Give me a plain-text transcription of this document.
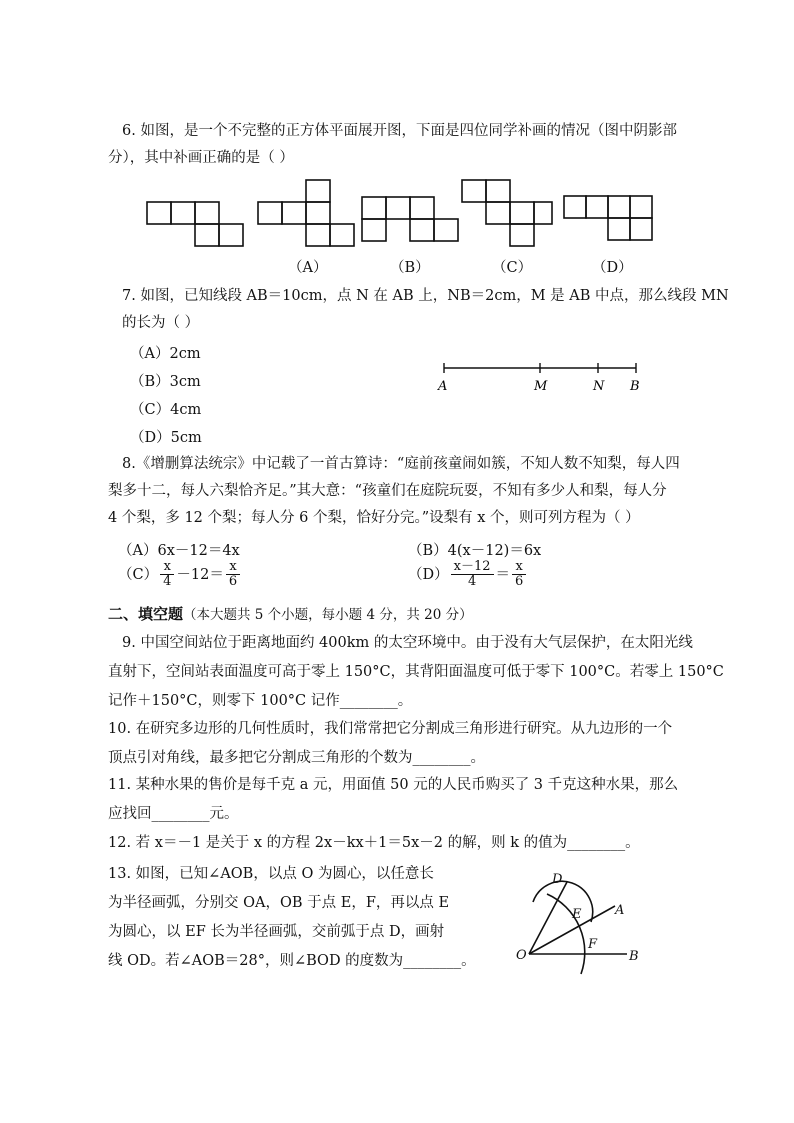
6. 如图，是一个不完整的正方体平面展开图，下面是四位同学补画的情况（图中阴影部
分），其中补画正确的是（ ）
（A）	（B）	（C）	（D）
7. 如图，已知线段 AB＝10cm，点 N 在 AB 上，NB＝2cm，M 是 AB 中点，那么线段 MN
的长为（ ）
（A）2cm
（B）3cm
（C）4cm
（D）5cm
A	M	N B
8.《增删算法统宗》中记载了一首古算诗：“庭前孩童闹如簇，不知人数不知梨，每人四
梨多十二，每人六梨恰齐足。”其大意：“孩童们在庭院玩耍，不知有多少人和梨，每人分
4 个梨，多 12 个梨；每人分 6 个梨，恰好分完。”设梨有 x 个，则可列方程为（ ）
（A）6x－12＝4x	（B）4(x－12)＝6x
$(C) \frac{x}{4} -12= \frac{x}{6}$	$(D) \frac{x-12}{4} = \frac{x}{6}$
二、填空题（本大题共 5 个小题，每小题 4 分，共 20 分）
9. 中国空间站位于距离地面约 400km 的太空环境中。由于没有大气层保护，在太阳光线
直射下，空间站表面温度可高于零上 150°C，其背阳面温度可低于零下 100°C。若零上 150°C
记作＋150°C，则零下 100°C 记作________。
10. 在研究多边形的几何性质时，我们常常把它分割成三角形进行研究。从九边形的一个
顶点引对角线，最多把它分割成三角形的个数为________。
11. 某种水果的售价是每千克 a 元，用面值 50 元的人民币购买了 3 千克这种水果，那么
应找回________元。
12. 若 x＝－1 是关于 x 的方程 2x－kx＋1＝5x－2 的解，则 k 的值为________。
13. 如图，已知∠AOB，以点 O 为圆心，以任意长
为半径画弧，分别交 OA，OB 于点 E，F，再以点 E
为圆心，以 EF 长为半径画弧，交前弧于点 D，画射
线 OD。若∠AOB＝28°，则∠BOD 的度数为________。
D
E	A
F
O	B
